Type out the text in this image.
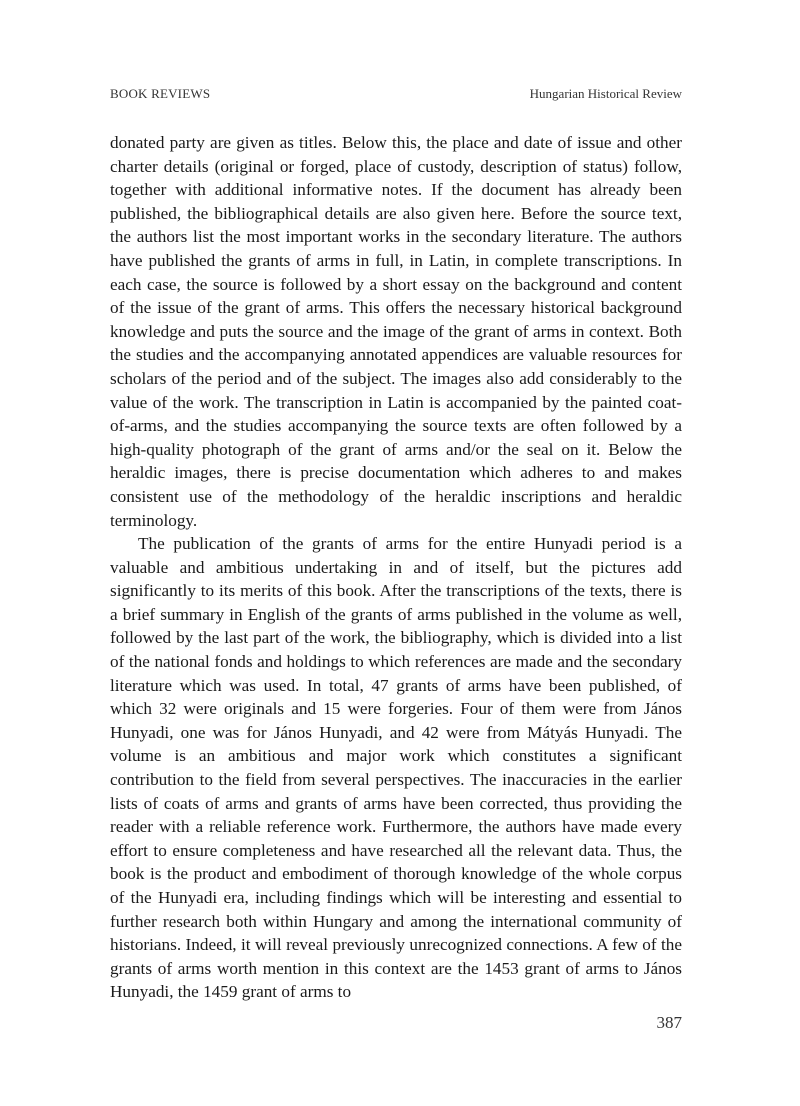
BOOK REVIEWS	Hungarian Historical Review

donated party are given as titles. Below this, the place and date of issue and other charter details (original or forged, place of custody, description of status) follow, together with additional informative notes. If the document has already been published, the bibliographical details are also given here. Before the source text, the authors list the most important works in the secondary literature. The authors have published the grants of arms in full, in Latin, in complete transcriptions. In each case, the source is followed by a short essay on the background and content of the issue of the grant of arms. This offers the necessary historical background knowledge and puts the source and the image of the grant of arms in context. Both the studies and the accompanying annotated appendices are valuable resources for scholars of the period and of the subject. The images also add considerably to the value of the work. The transcription in Latin is accompanied by the painted coat-of-arms, and the studies accompanying the source texts are often followed by a high-quality photograph of the grant of arms and/or the seal on it. Below the heraldic images, there is precise documentation which adheres to and makes consistent use of the methodology of the heraldic inscriptions and heraldic terminology.

The publication of the grants of arms for the entire Hunyadi period is a valuable and ambitious undertaking in and of itself, but the pictures add significantly to its merits of this book. After the transcriptions of the texts, there is a brief summary in English of the grants of arms published in the volume as well, followed by the last part of the work, the bibliography, which is divided into a list of the national fonds and holdings to which references are made and the secondary literature which was used. In total, 47 grants of arms have been published, of which 32 were originals and 15 were forgeries. Four of them were from János Hunyadi, one was for János Hunyadi, and 42 were from Mátyás Hunyadi. The volume is an ambitious and major work which constitutes a significant contribution to the field from several perspectives. The inaccuracies in the earlier lists of coats of arms and grants of arms have been corrected, thus providing the reader with a reliable reference work. Furthermore, the authors have made every effort to ensure completeness and have researched all the relevant data. Thus, the book is the product and embodiment of thorough knowledge of the whole corpus of the Hunyadi era, including findings which will be interesting and essential to further research both within Hungary and among the international community of historians. Indeed, it will reveal previously unrecognized connections. A few of the grants of arms worth mention in this context are the 1453 grant of arms to János Hunyadi, the 1459 grant of arms to

387
